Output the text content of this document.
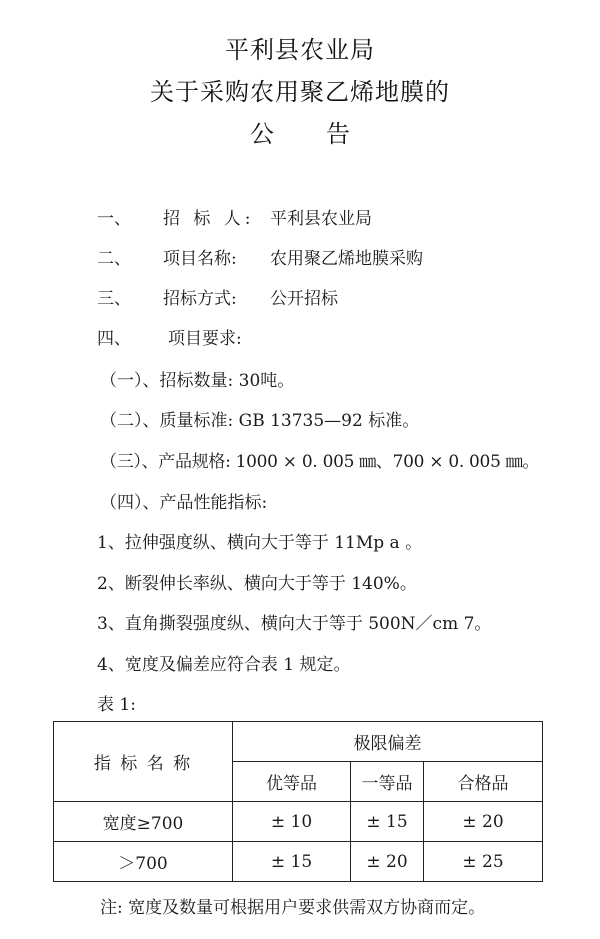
平利县农业局
关于采购农用聚乙烯地膜的
公 告
一、 招 标 人: 平利县农业局
二、 项目名称: 农用聚乙烯地膜采购
三、 招标方式: 公开招标
四、 项目要求:
（一）、招标数量: 30吨。
（二）、质量标准: GB 13735—92 标准。
（三）、产品规格: 1000 × 0. 005 ㎜、700 × 0. 005 ㎜。
（四）、产品性能指标:
1、拉伸强度纵、横向大于等于 11Mp a 。
2、断裂伸长率纵、横向大于等于 140%。
3、直角撕裂强度纵、横向大于等于 500N／cm 7。
4、宽度及偏差应符合表 1 规定。
表 1:
指 标 名 称	极限偏差		
	优等品	一等品	合格品
宽度≥700	± 10	± 15	± 20
＞700	± 15	± 20	± 25
注: 宽度及数量可根据用户要求供需双方协商而定。
